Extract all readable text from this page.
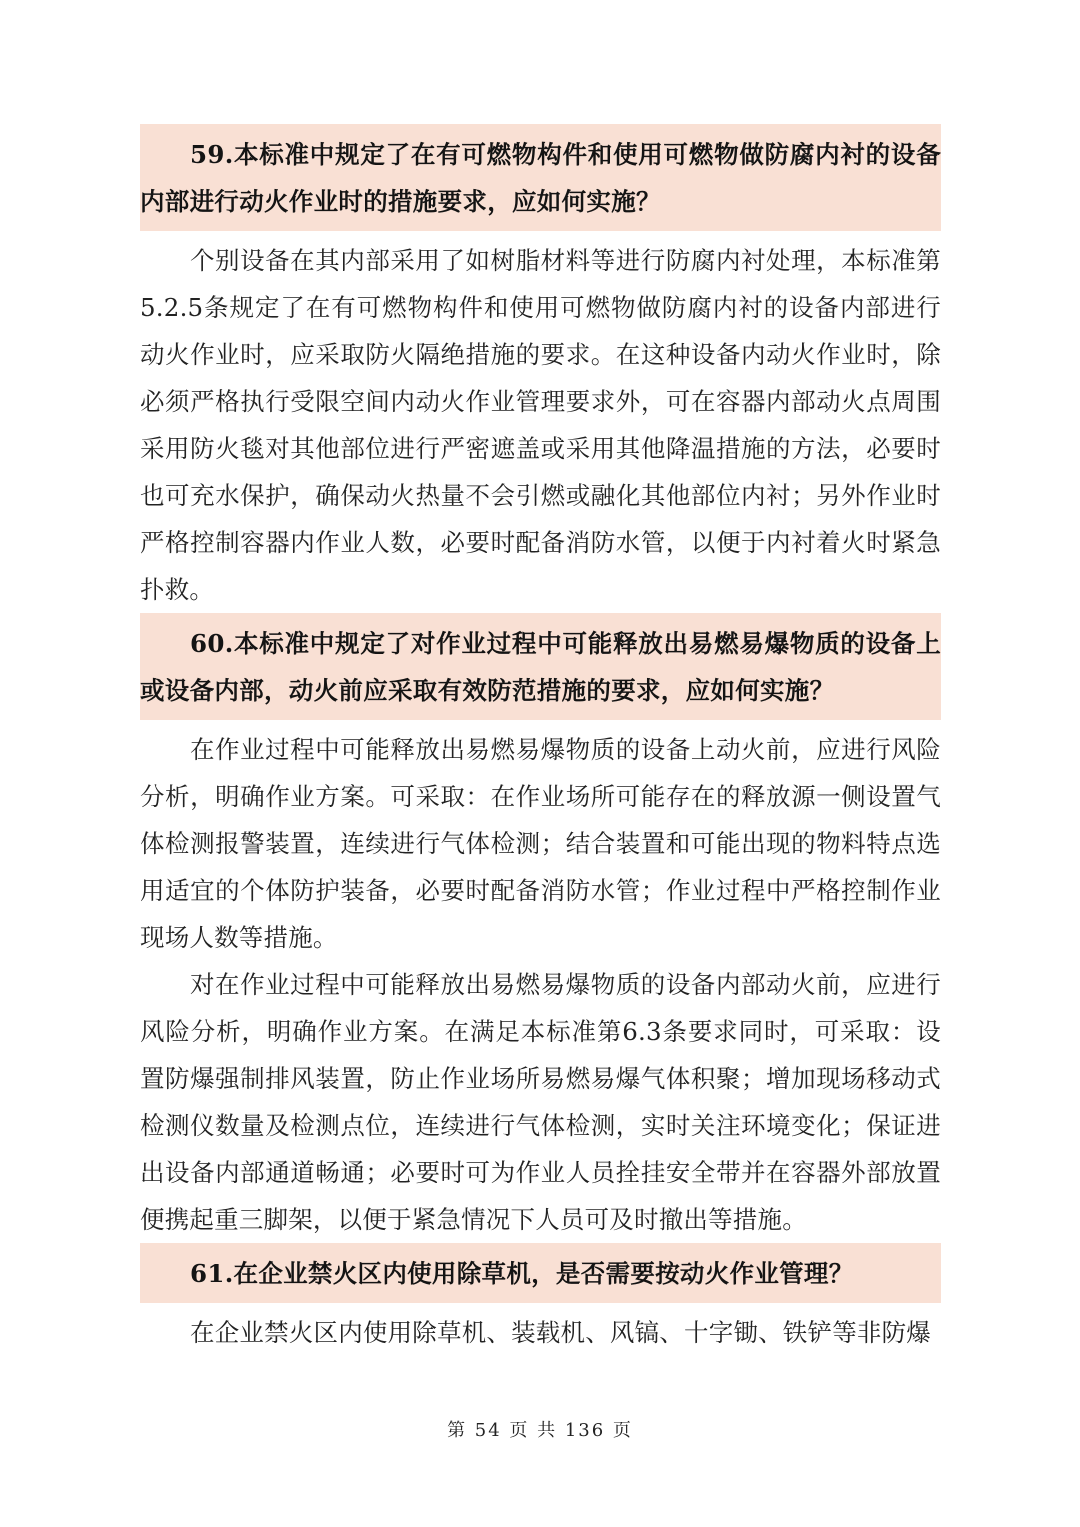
59.本标准中规定了在有可燃物构件和使用可燃物做防腐内衬的设备内部进行动火作业时的措施要求，应如何实施？

个别设备在其内部采用了如树脂材料等进行防腐内衬处理，本标准第5.2.5条规定了在有可燃物构件和使用可燃物做防腐内衬的设备内部进行动火作业时，应采取防火隔绝措施的要求。在这种设备内动火作业时，除必须严格执行受限空间内动火作业管理要求外，可在容器内部动火点周围采用防火毯对其他部位进行严密遮盖或采用其他降温措施的方法，必要时也可充水保护，确保动火热量不会引燃或融化其他部位内衬；另外作业时严格控制容器内作业人数，必要时配备消防水管，以便于内衬着火时紧急扑救。

60.本标准中规定了对作业过程中可能释放出易燃易爆物质的设备上或设备内部，动火前应采取有效防范措施的要求，应如何实施？

在作业过程中可能释放出易燃易爆物质的设备上动火前，应进行风险分析，明确作业方案。可采取：在作业场所可能存在的释放源一侧设置气体检测报警装置，连续进行气体检测；结合装置和可能出现的物料特点选用适宜的个体防护装备，必要时配备消防水管；作业过程中严格控制作业现场人数等措施。

对在作业过程中可能释放出易燃易爆物质的设备内部动火前，应进行风险分析，明确作业方案。在满足本标准第6.3条要求同时，可采取：设置防爆强制排风装置，防止作业场所易燃易爆气体积聚；增加现场移动式检测仪数量及检测点位，连续进行气体检测，实时关注环境变化；保证进出设备内部通道畅通；必要时可为作业人员拴挂安全带并在容器外部放置便携起重三脚架，以便于紧急情况下人员可及时撤出等措施。

61.在企业禁火区内使用除草机，是否需要按动火作业管理？

在企业禁火区内使用除草机、装载机、风镐、十字锄、铁铲等非防爆

第 54 页 共 136 页
